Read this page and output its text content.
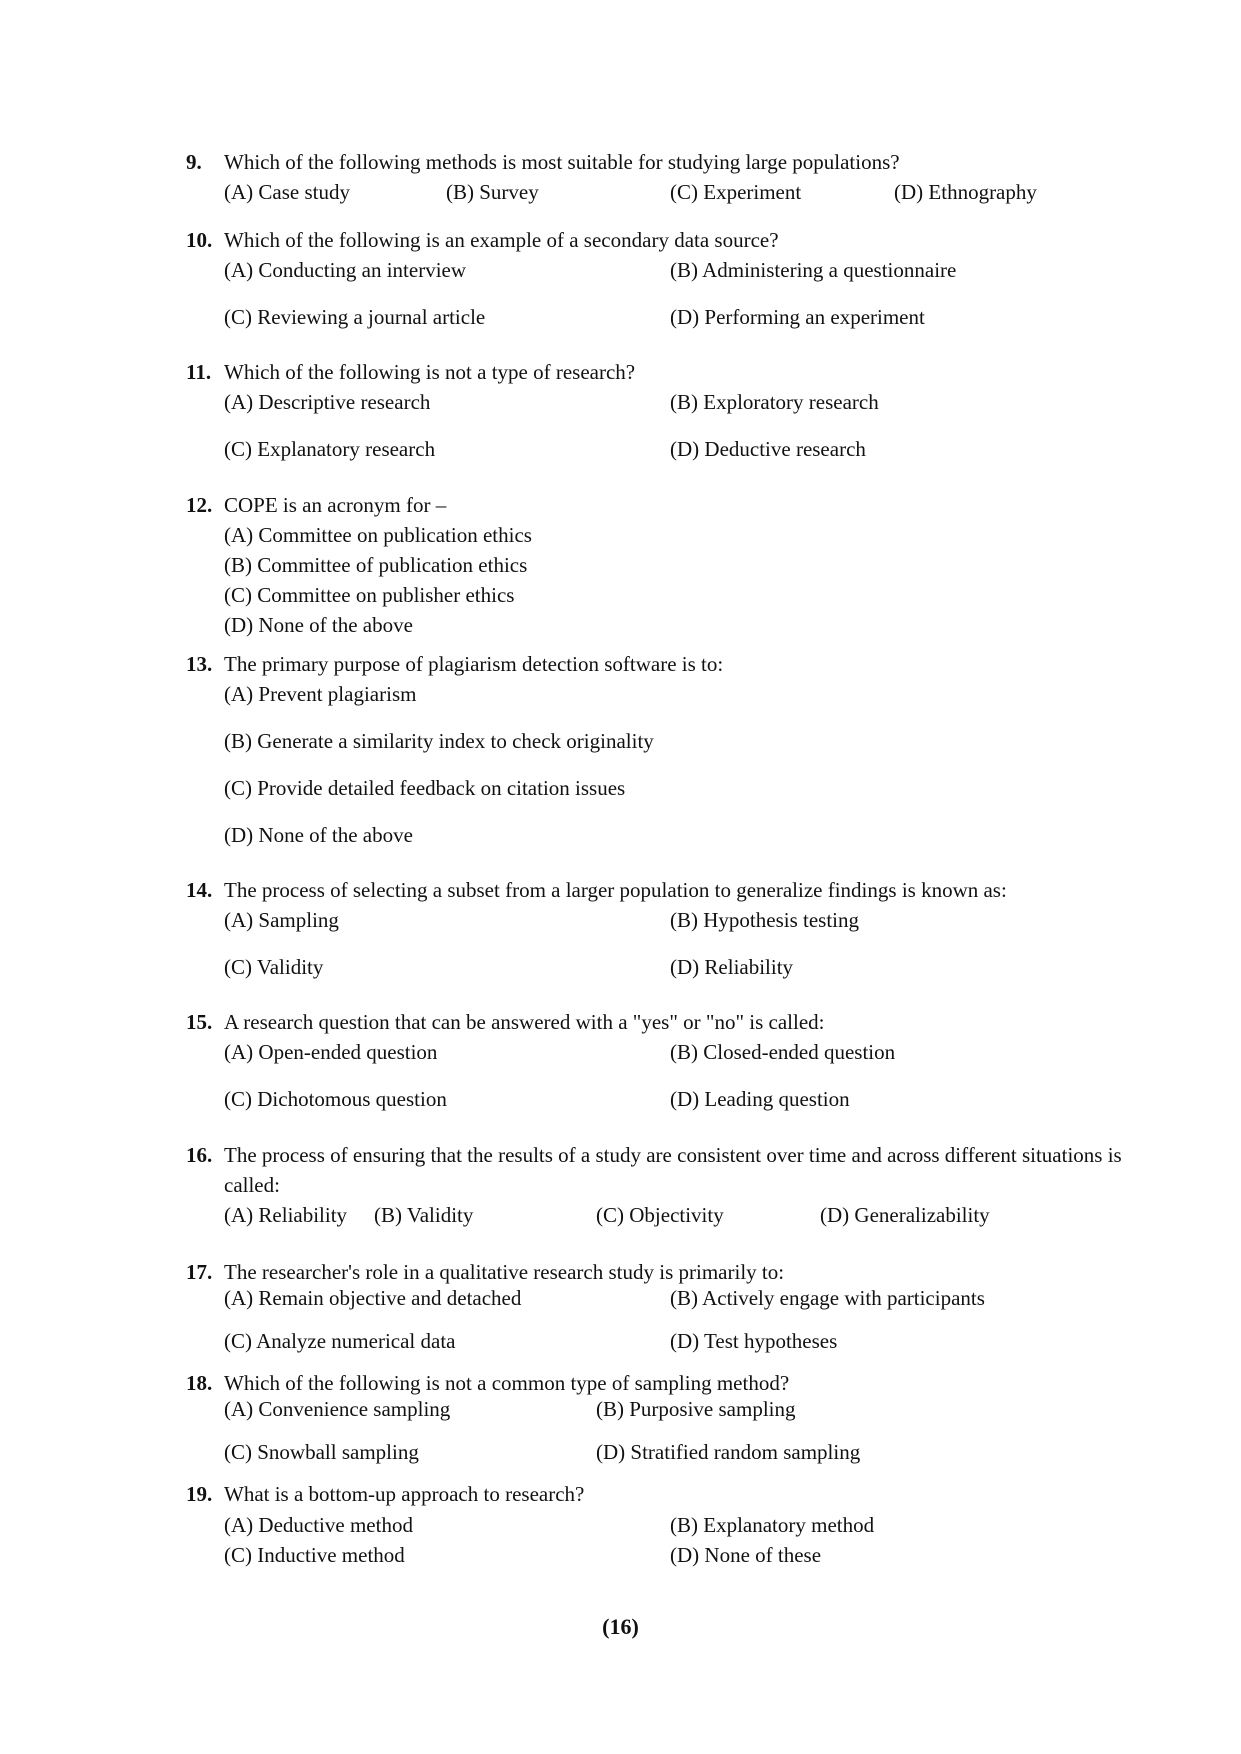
9. Which of the following methods is most suitable for studying large populations?
(A) Case study	(B) Survey	(C) Experiment	(D) Ethnography
10. Which of the following is an example of a secondary data source?
(A) Conducting an interview	(B) Administering a questionnaire
(C) Reviewing a journal article	(D) Performing an experiment
11. Which of the following is not a type of research?
(A) Descriptive research	(B) Exploratory research
(C) Explanatory research	(D) Deductive research
12. COPE is an acronym for –
(A) Committee on publication ethics
(B) Committee of publication ethics
(C) Committee on publisher ethics
(D) None of the above
13. The primary purpose of plagiarism detection software is to:
(A) Prevent plagiarism
(B) Generate a similarity index to check originality
(C) Provide detailed feedback on citation issues
(D) None of the above
14. The process of selecting a subset from a larger population to generalize findings is known as:
(A) Sampling	(B) Hypothesis testing
(C) Validity	(D) Reliability
15. A research question that can be answered with a "yes" or "no" is called:
(A) Open-ended question	(B) Closed-ended question
(C) Dichotomous question	(D) Leading question
16. The process of ensuring that the results of a study are consistent over time and across different situations is called:
(A) Reliability (B) Validity	(C) Objectivity	(D) Generalizability
17. The researcher's role in a qualitative research study is primarily to:
(A) Remain objective and detached	(B) Actively engage with participants
(C) Analyze numerical data	(D) Test hypotheses
18. Which of the following is not a common type of sampling method?
(A) Convenience sampling	(B) Purposive sampling
(C) Snowball sampling	(D) Stratified random sampling
19. What is a bottom-up approach to research?
(A) Deductive method	(B) Explanatory method
(C) Inductive method	(D) None of these
(16)
